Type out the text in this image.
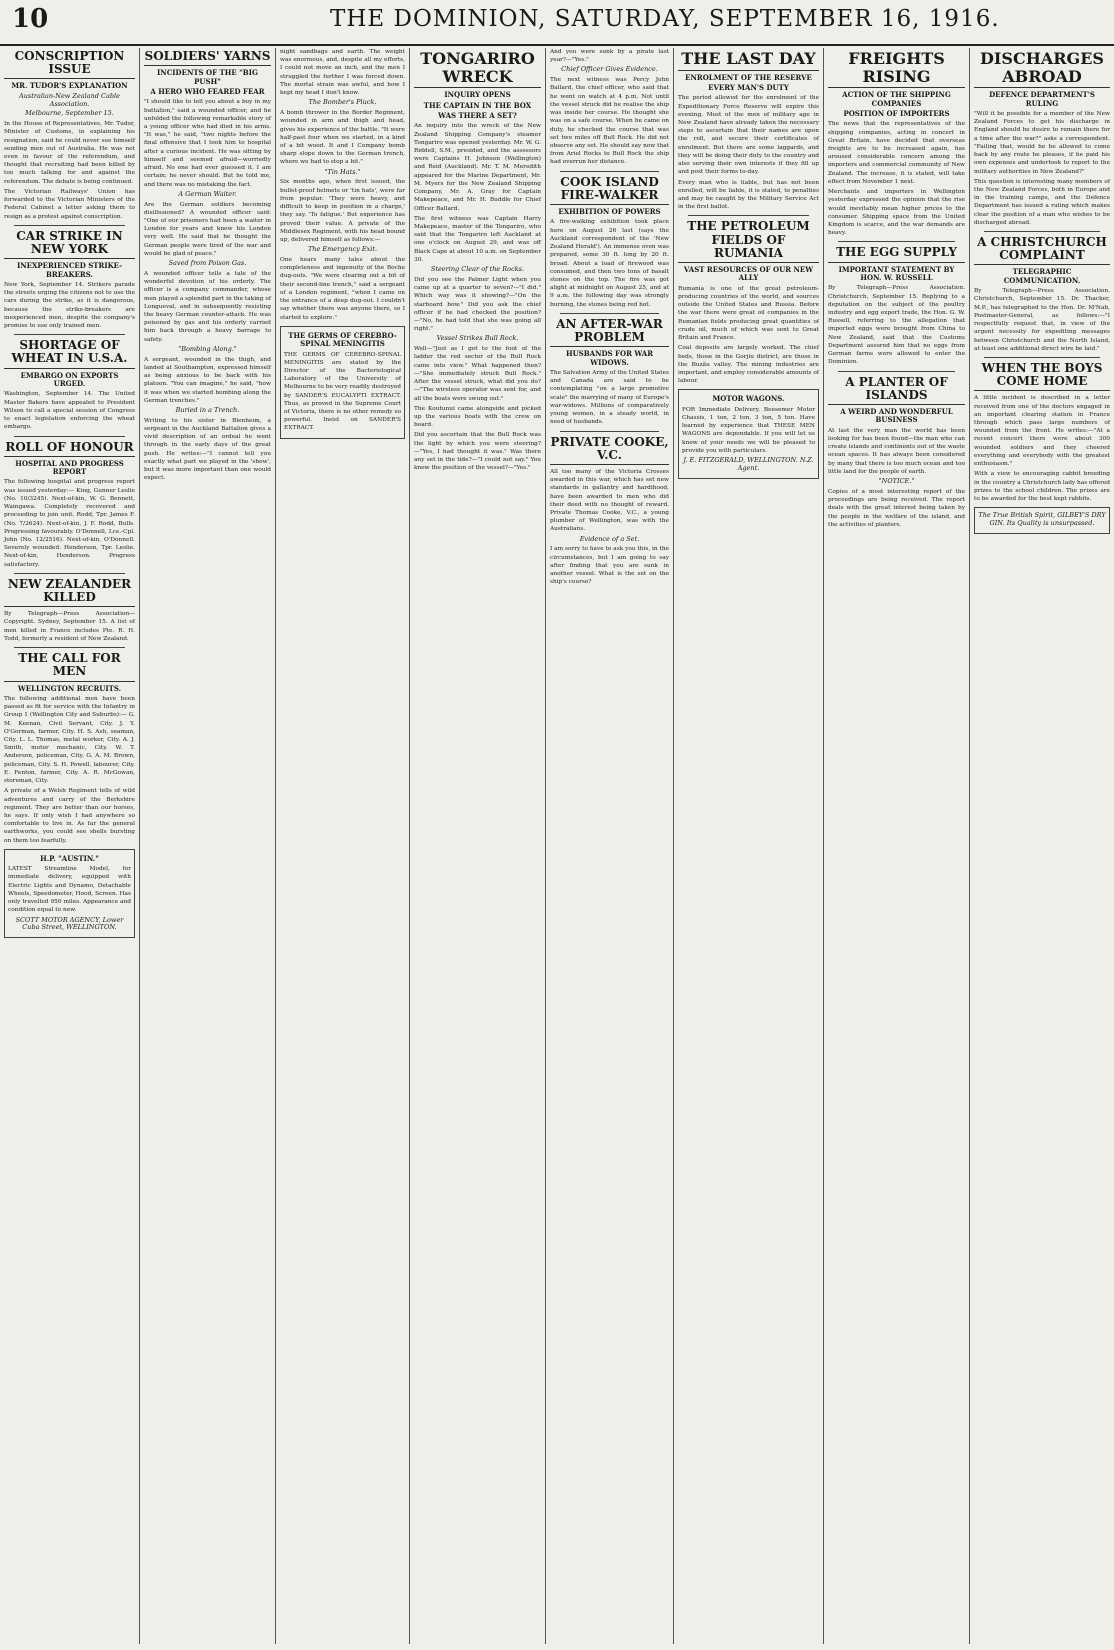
10	THE DOMINION, SATURDAY, SEPTEMBER 16, 1916.
CONSCRIPTION ISSUE
MR. TUDOR'S EXPLANATION
Australian-New Zealand Cable Association.
Melbourne, September 15.

In the House of Representatives, Mr. Tudor, Minister of Customs, in explaining his resignation, said he could never see himself sending men out of Australia. He was not even in favour of the referendum, and thought that recruiting had been killed by too much talking for and against the referendum. The debate is being continued.

The Victorian Railways' Union has forwarded to the Victorian Ministers of the Federal Cabinet a letter asking them to resign as a protest against conscription.

CAR STRIKE IN NEW YORK
INEXPERIENCED STRIKE-BREAKERS.

New York, September 14. Strikers parade the streets urging the citizens not to use the cars during the strike, as it is dangerous, because the strike-breakers are inexperienced men, despite the company's promise to use only trained men.

SHORTAGE OF WHEAT IN U.S.A.
EMBARGO ON EXPORTS URGED.

Washington, September 14. The United Master Bakers have appealed to President Wilson to call a special session of Congress to enact legislation enforcing the wheat embargo.

ROLL OF HONOUR
HOSPITAL AND PROGRESS REPORT

The following hospital and progress report was issued yesterday:— King, Gunner Leslie (No. 10/3245). Next-of-kin, W. G. Bennett, Waingawa. Completely recovered and proceeding to join unit. Rodd, Tpr. James F. (No. 7/2624). Next-of-kin, J. F. Rodd, Bulls. Progressing favourably. O'Donnell, Lce.-Cpl. John (No. 12/2516). Next-of-kin, O'Donnell. Severely wounded. Henderson, Tpr. Leslie. Next-of-kin, Henderson. Progress satisfactory.

NEW ZEALANDER KILLED

By Telegraph—Press Association—Copyright. Sydney, September 15. A list of men killed in France includes Pte. R. H. Todd, formerly a resident of New Zealand.

THE CALL FOR MEN
WELLINGTON RECRUITS.

The following additional men have been passed as fit for service with the Infantry in Group 1 (Wellington City and Suburbs):— G. M. Keenan, Civil Servant, City. J. Y. O'Gorman, farmer, City. H. S. Ash, seaman, City. L. L. Thomas, metal worker, City. A. J. Smith, motor mechanic, City. W. T. Anderson, policeman, City. G. A. M. Brown, policeman, City. S. H. Powell, labourer, City. E. Fenton, farmer, City. A. R. McGowan, storeman, City.

A private of a Welsh Regiment tells of wild adventures and carry of the Berkshire regiment. They are better than our horses, he says. If only wish I had anywhere so comfortable to live in. As far the general earthworks, you could see shells bursting on them too fearfully.

H.P. "AUSTIN."

LATEST Streamline Model, for immediate delivery, equipped with Electric Lights and Dynamo, Detachable Wheels, Speedometer, Hood, Screen. Has only travelled 950 miles. Appearance and condition equal to new.

SCOTT MOTOR AGENCY, Lower Cuba Street, WELLINGTON.
SOLDIERS' YARNS
INCIDENTS OF THE "BIG PUSH"
A HERO WHO FEARED FEAR

"I should like to tell you about a boy in my battalion," said a wounded officer, and he unfolded the following remarkable story of a young officer who had died in his arms. "It was," he said, "two nights before the final offensive that I took him to hospital after a curious incident. He was sitting by himself and seemed afraid—worriedly afraid. No one had ever guessed it. I am certain; he never should. But he told me, and there was no mistaking the fact.

A German Waiter.

Are the German soldiers becoming disillusioned? A wounded officer said: "One of our prisoners had been a waiter in London for years and knew his London very well. He said that he thought the German people were tired of the war and would be glad of peace."

Saved from Poison Gas.

A wounded officer tells a tale of the wonderful devotion of his orderly. The officer is a company commander, whose men played a splendid part in the taking of Longueval, and in subsequently resisting the heavy German counter-attack. He was poisoned by gas and his orderly carried him back through a heavy barrage to safety.

"Bombing Along."

A sergeant, wounded in the thigh, and landed at Southampton, expressed himself as being anxious to be back with his platoon. "You can imagine," he said, "how it was when we started bombing along the German trenches."

Buried in a Trench.

Writing to his sister in Blenheim, a sergeant in the Auckland Battalion gives a vivid description of an ordeal he went through in the early days of the great push. He writes:—"I cannot tell you exactly what part we played in the 'show', but it was more important than one would expect.

night sandbags and earth. The weight was enormous, and, despite all my efforts, I could not move an inch, and the men I struggled the further I was forced down. The mortal strain was awful, and how I kept my head I don't know.

The Bomber's Pluck.

A bomb thrower in the Border Regiment, wounded in arm and thigh and head, gives his experience of the battle. "It were half-past four when we started, in a kind of a bit wood. It and I Company bomb sharp slope down to the German trench, where we had to stop a bit."

"Tin Hats."

Six months ago, when first issued, the bullet-proof helmets or 'tin hats', were far from popular. 'They were heavy, and difficult to keep in position in a charge,' they say. 'To fatigue.' But experience has proved their value. A private of the Middlesex Regiment, with his head bound up, delivered himself as follows:—

The Emergency Exit.

One hears many tales about the completeness and ingenuity of the Boche dug-outs. "We were clearing out a bit of their second-line trench," said a sergeant of a London regiment, "when I came on the entrance of a deep dug-out. I couldn't say whether there was anyone there, so I started to explore."

THE GERMS OF CEREBRO-SPINAL MENINGITIS

THE GERMS OF CEREBRO-SPINAL MENINGITIS are stated by the Director of the Bacteriological Laboratory of the University of Melbourne to be very readily destroyed by SANDER'S EUCALYPTI EXTRACT. Thus, as proved in the Supreme Court of Victoria, there is no other remedy so powerful. Insist on SANDER'S EXTRACT.

TONGARIRO WRECK
INQUIRY OPENS
THE CAPTAIN IN THE BOX
WAS THERE A SET?

An inquiry into the wreck of the New Zealand Shipping Company's steamer Tongariro was opened yesterday. Mr. W. G. Riddell, S.M., presided, and the assessors were Captains H. Johnson (Wellington) and Reid (Auckland). Mr. T. M. Meredith appeared for the Marine Department, Mr. M. Myers for the New Zealand Shipping Company, Mr. A. Gray for Captain Makepeace, and Mr. H. Buddle for Chief Officer Ballard.

The first witness was Captain Harry Makepeace, master of the Tongariro, who said that the Tongariro left Auckland at one o'clock on August 29, and was off Black Cape at about 10 a.m. on September 30.

Steering Clear of the Rocks.

Did you see the Palmer Light when you came up at a quarter to seven?—"I did." Which way was it showing?—"On the starboard bow." Did you ask the chief officer if he had checked the position?—"No, he had told that she was going all right."

Vessel Strikes Bull Rock.

Well—"Just as I got to the foot of the ladder the red sector of the Bull Rock came into view." What happened then?—"She immediately struck Bull Rock." After the vessel struck, what did you do?—"The wireless operator was sent for, and all the boats were swung out."

The Koutunui came alongside and picked up the various boats with the crew on board.

Did you ascertain that the Bull Rock was the light by which you were steering?—"Yes, I had thought it was." Was there any set in the tide?—"I could not say." You knew the position of the vessel?—"Yes."

And you were sunk by a pirate last year?—"Yes."

Chief Officer Gives Evidence.

The next witness was Percy John Ballard, the chief officer, who said that he went on watch at 4 p.m. Not until the vessel struck did he realise the ship was inside her course. He thought she was on a safe course. When he came on duty, he checked the course that was set two miles off Bull Rock. He did not observe any set. He should say now that from Ariel Rocks to Bull Rock the ship had overrun her distance.

COOK ISLAND FIRE-WALKER
EXHIBITION OF POWERS

A fire-walking exhibition took place here on August 26 last (says the Auckland correspondent of the 'New Zealand Herald'). An immense oven was prepared, some 30 ft. long by 20 ft. broad. About a load of firewood was consumed, and then two tons of basalt stones on the top. The fire was got alight at midnight on August 25, and at 9 a.m. the following day was strongly burning, the stones being red hot.

AN AFTER-WAR PROBLEM
HUSBANDS FOR WAR WIDOWS.

The Salvation Army of the United States and Canada are said to be contemplating "on a large promotive scale" the marrying of many of Europe's war-widows. Millions of comparatively young women, in a steady world, in need of husbands.

PRIVATE COOKE, V.C.

All too many of the Victoria Crosses awarded in this war, which has set new standards in gallantry and hardihood, have been awarded to men who did their deed with no thought of reward. Private Thomas Cooke, V.C., a young plumber of Wellington, was with the Australians.

Evidence of a Set.

I am sorry to have to ask you this, in the circumstances, but I am going to say after finding that you are sunk in another vessel. What is the set on the ship's course?

THE LAST DAY
ENROLMENT OF THE RESERVE
EVERY MAN'S DUTY

The period allowed for the enrolment of the Expeditionary Force Reserve will expire this evening. Most of the men of military age in New Zealand have already taken the necessary steps to ascertain that their names are upon the roll, and secure their certificates of enrolment. But there are some laggards, and they will be doing their duty to the country and also serving their own interests if they fill up and post their forms to-day.

Every man who is liable, but has not been enrolled, will be liable, it is stated, to penalties and may be caught by the Military Service Act in the first ballot.

THE PETROLEUM FIELDS OF RUMANIA
VAST RESOURCES OF OUR NEW ALLY

Rumania is one of the great petroleum-producing countries of the world, and sources outside the United States and Russia. Before the war there were great oil companies in the Rumanian fields producing great quantities of crude oil, much of which was sent to Great Britain and France.

Coal deposits are largely worked. The chief beds, those in the Gorjiu district, are those in the Buzău valley. The mining industries are important, and employ considerable amounts of labour.

MOTOR WAGONS.

FOR Immediate Delivery, Beesemer Motor Chassis, 1 ton, 2 ton, 3 ton, 5 ton. Have learned by experience that THESE MEN WAGONS are dependable. If you will let us know of your needs we will be pleased to provide you with particulars.

J. E. FITZGERALD, WELLINGTON. N.Z. Agent.
FREIGHTS RISING
ACTION OF THE SHIPPING COMPANIES
POSITION OF IMPORTERS

The news that the representatives of the shipping companies, acting in concert in Great Britain, have decided that overseas freights are to be increased again, has aroused considerable concern among the importers and commercial community of New Zealand. The increase, it is stated, will take effect from November 1 next.

Merchants and importers in Wellington yesterday expressed the opinion that the rise would inevitably mean higher prices to the consumer. Shipping space from the United Kingdom is scarce, and the war demands are heavy.

THE EGG SUPPLY
IMPORTANT STATEMENT BY HON. W. RUSSELL

By Telegraph—Press Association. Christchurch, September 15. Replying to a deputation on the subject of the poultry industry and egg export trade, the Hon. G. W. Russell, referring to the allegation that imported eggs were brought from China to New Zealand, said that the Customs Department assured him that no eggs from German farms were allowed to enter the Dominion.

A PLANTER OF ISLANDS
A WEIRD AND WONDERFUL BUSINESS

At last the very man the world has been looking for has been found—the man who can create islands and continents out of the waste ocean spaces. It has always been considered by many that there is too much ocean and too little land for the people of earth.

"NOTICE."

Copies of a most interesting report of the proceedings are being received. The report deals with the great interest being taken by the people in the welfare of the island, and the activities of planters.

DISCHARGES ABROAD
DEFENCE DEPARTMENT'S RULING

"Will it be possible for a member of the New Zealand Forces to get his discharge in England should he desire to remain there for a time after the war?" asks a correspondent. "Failing that, would he be allowed to come back by any route he pleases, if he paid his own expenses and undertook to report to the military authorities in New Zealand?"

This question is interesting many members of the New Zealand Forces, both in Europe and in the training camps, and the Defence Department has issued a ruling which makes clear the position of a man who wishes to be discharged abroad.

A CHRISTCHURCH COMPLAINT
TELEGRAPHIC COMMUNICATION.

By Telegraph—Press Association. Christchurch, September 15. Dr. Thacker, M.P., has telegraphed to the Hon. Dr. M'Nab, Postmaster-General, as follows:—"I respectfully request that, in view of the urgent necessity for expediting messages between Christchurch and the North Island, at least one additional direct wire be laid."

WHEN THE BOYS COME HOME

A little incident is described in a letter received from one of the doctors engaged in an important clearing station in France through which pass large numbers of wounded from the front. He writes:—"At a recent concert there were about 300 wounded soldiers and they cheered everything and everybody with the greatest enthusiasm."

With a view to encouraging cabbit breeding in the country a Christchurch lady has offered prizes to the school children. The prizes are to be awarded for the best kept rabbits.

The True British Spirit, GILBEY'S DRY GIN. Its Quality is unsurpassed.
